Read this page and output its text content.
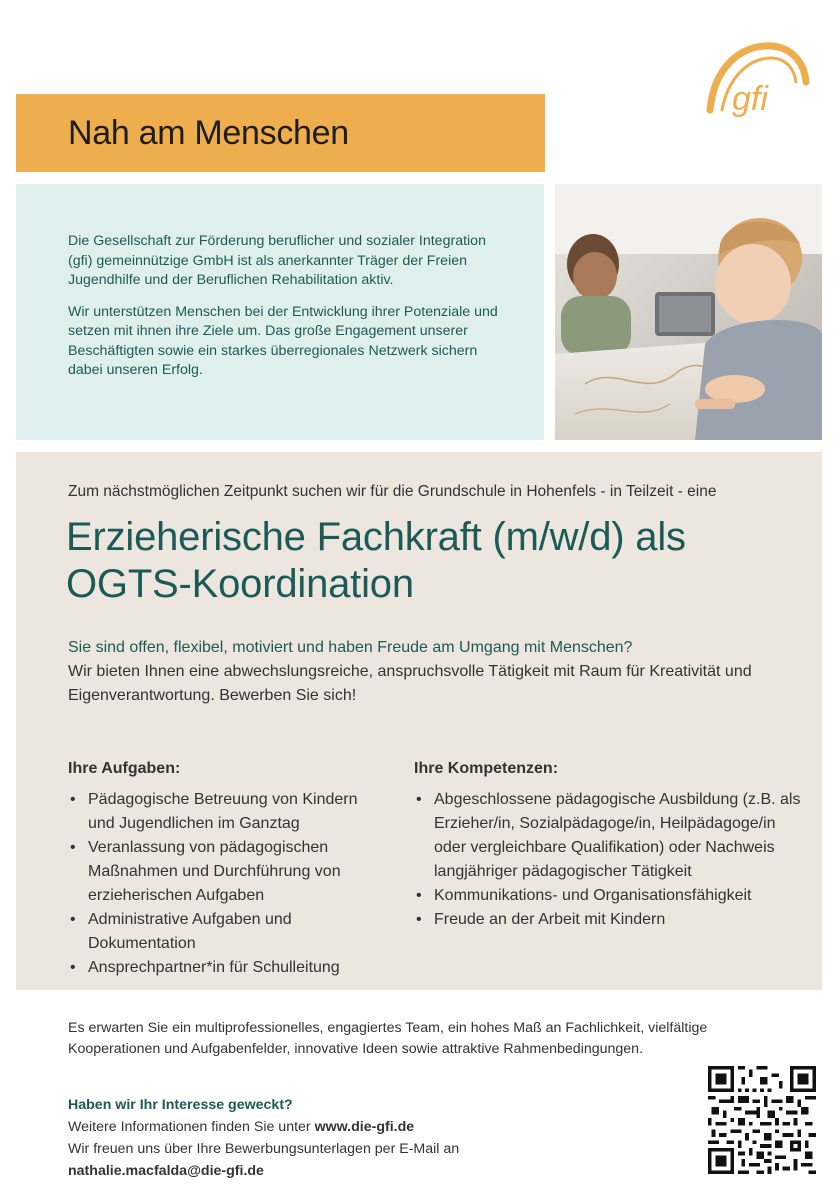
gfi
Nah am Menschen

Die Gesellschaft zur Förderung beruflicher und sozialer Integration (gfi) gemeinnützige GmbH ist als anerkannter Träger der Freien Jugendhilfe und der Beruflichen Rehabilitation aktiv.

Wir unterstützen Menschen bei der Entwicklung ihrer Potenziale und setzen mit ihnen ihre Ziele um. Das große Engagement unserer Beschäftigten sowie ein starkes überregionales Netzwerk sichern dabei unseren Erfolg.

Zum nächstmöglichen Zeitpunkt suchen wir für die Grundschule in Hohenfels - in Teilzeit - eine
Erzieherische Fachkraft (m/w/d) als OGTS-Koordination
Sie sind offen, flexibel, motiviert und haben Freude am Umgang mit Menschen?
Wir bieten Ihnen eine abwechslungsreiche, anspruchsvolle Tätigkeit mit Raum für Kreativität und Eigenverantwortung. Bewerben Sie sich!
Ihre Aufgaben:
• Pädagogische Betreuung von Kindern und Jugendlichen im Ganztag
• Veranlassung von pädagogischen Maßnahmen und Durchführung von erzieherischen Aufgaben
• Administrative Aufgaben und Dokumentation
• Ansprechpartner*in für Schulleitung
Ihre Kompetenzen:
• Abgeschlossene pädagogische Ausbildung (z.B. als Erzieher/in, Sozialpädagoge/in, Heilpädagoge/in oder vergleichbare Qualifikation) oder Nachweis langjähriger pädagogischer Tätigkeit
• Kommunikations- und Organisationsfähigkeit
• Freude an der Arbeit mit Kindern
Es erwarten Sie ein multiprofessionelles, engagiertes Team, ein hohes Maß an Fachlichkeit, vielfältige Kooperationen und Aufgabenfelder, innovative Ideen sowie attraktive Rahmenbedingungen.
Haben wir Ihr Interesse geweckt?
Weitere Informationen finden Sie unter www.die-gfi.de
Wir freuen uns über Ihre Bewerbungsunterlagen per E-Mail an
nathalie.macfalda@die-gfi.de
